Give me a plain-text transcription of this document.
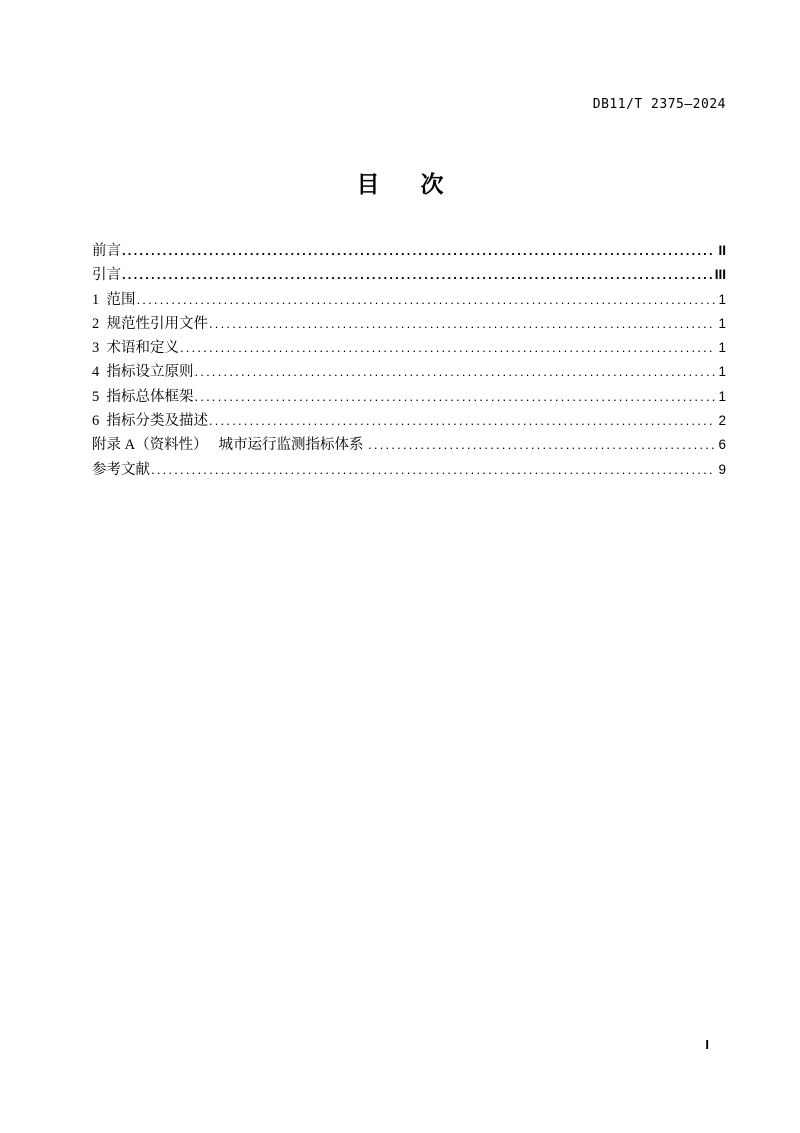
DB11/T 2375—2024
目　次
前言 .....	II
引言 .....	III
1  范围 .....	1
2  规范性引用文件 .....	1
3  术语和定义 .....	1
4  指标设立原则 .....	1
5  指标总体框架 .....	1
6  指标分类及描述 .....	2
附录 A（资料性）　 城市运行监测指标体系 .....	6
参考文献 .....	9
I
